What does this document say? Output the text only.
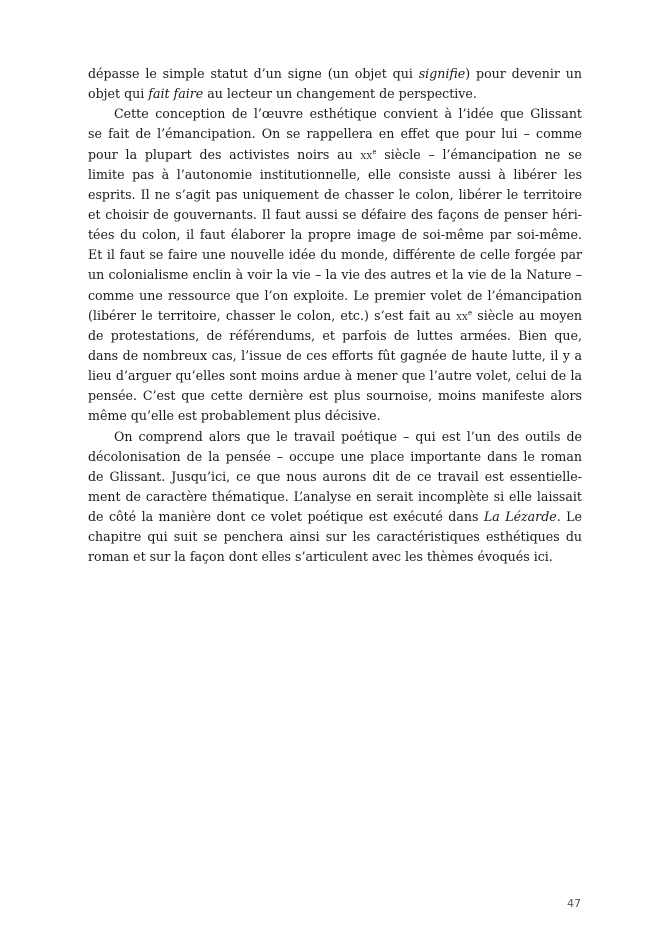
dépasse le simple statut d’un signe (un objet qui signifie) pour devenir un
objet qui fait faire au lecteur un changement de perspective.
Cette conception de l’œuvre esthétique convient à l’idée que Glissant
se fait de l’émancipation. On se rappellera en effet que pour lui – comme
pour la plupart des activistes noirs au $xx^e$ siècle – l’émancipation ne se
limite pas à l’autonomie institutionnelle, elle consiste aussi à libérer les
esprits. Il ne s’agit pas uniquement de chasser le colon, libérer le territoire
et choisir de gouvernants. Il faut aussi se défaire des façons de penser héri-
tées du colon, il faut élaborer la propre image de soi-même par soi-même.
Et il faut se faire une nouvelle idée du monde, différente de celle forgée par
un colonialisme enclin à voir la vie – la vie des autres et la vie de la Nature –
comme une ressource que l’on exploite. Le premier volet de l’émancipation
(libérer le territoire, chasser le colon, etc.) s’est fait au $xx^e$ siècle au moyen
de protestations, de référendums, et parfois de luttes armées. Bien que,
dans de nombreux cas, l’issue de ces efforts fût gagnée de haute lutte, il y a
lieu d’arguer qu’elles sont moins ardue à mener que l’autre volet, celui de la
pensée. C’est que cette dernière est plus sournoise, moins manifeste alors
même qu’elle est probablement plus décisive.
On comprend alors que le travail poétique – qui est l’un des outils de
décolonisation de la pensée – occupe une place importante dans le roman
de Glissant. Jusqu’ici, ce que nous aurons dit de ce travail est essentielle-
ment de caractère thématique. L’analyse en serait incomplète si elle laissait
de côté la manière dont ce volet poétique est exécuté dans La Lézarde. Le
chapitre qui suit se penchera ainsi sur les caractéristiques esthétiques du
roman et sur la façon dont elles s’articulent avec les thèmes évoqués ici.
47
